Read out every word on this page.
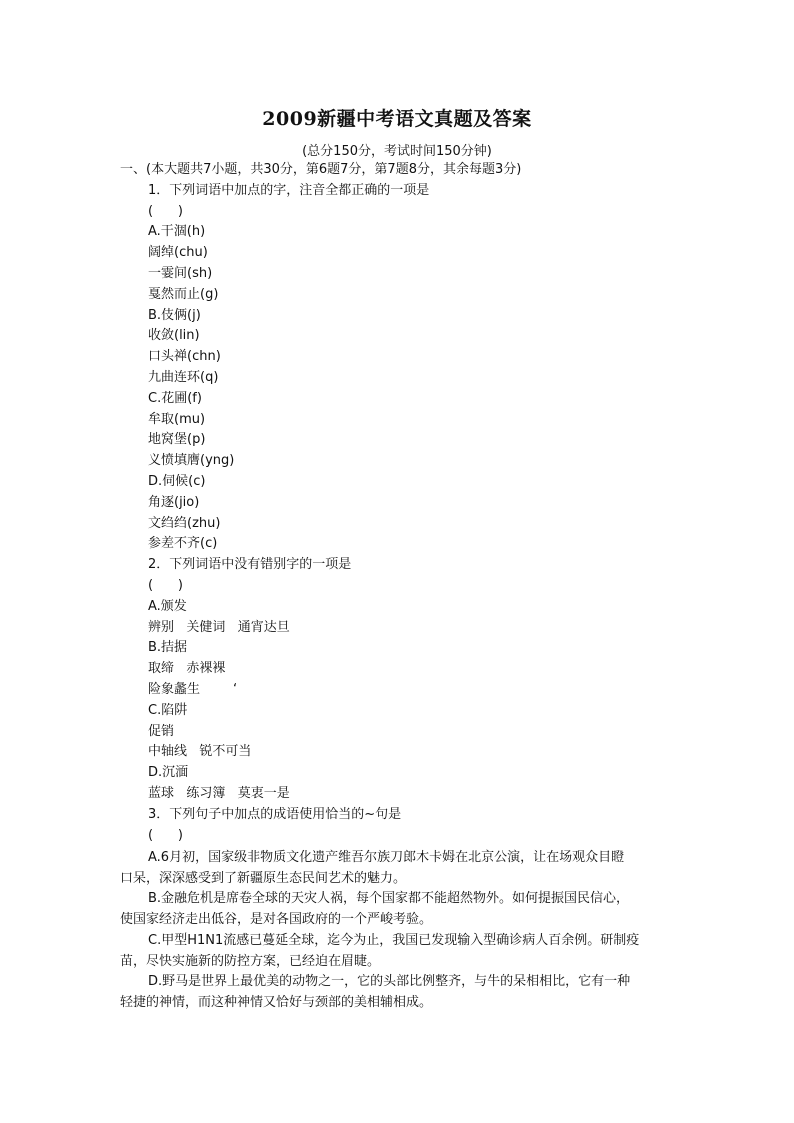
2009新疆中考语文真题及答案
(总分150分，考试时间150分钟)
一、(本大题共7小题，共30分，第6题7分，第7题8分，其余每题3分)
1．下列词语中加点的字，注音全都正确的一项是
(      )
A.干涸(h)
阔绰(chu)
一霎间(sh)
戛然而止(g)
B.伎俩(j)
收敛(lin)
口头禅(chn)
九曲连环(q)
C.花圃(f)
牟取(mu)
地窝堡(p)
义愤填膺(yng)
D.伺候(c)
角逐(jio)
文绉绉(zhu)
参差不齐(c)
2．下列词语中没有错别字的一项是
(      )
A.颁发
辨别   关健词   通宵达旦
B.拮据
取缔   赤裸裸
险象蠡生        ‘
C.陷阱
促销
中轴线   锐不可当
D.沉湎
蓝球   练习簿   莫衷一是
3．下列句子中加点的成语使用恰当的~句是
(      )
A.6月初，国家级非物质文化遗产维吾尔族刀郎木卡姆在北京公演，让在场观众目瞪
口呆，深深感受到了新疆原生态民间艺术的魅力。
B.金融危机是席卷全球的天灾人祸，每个国家都不能超然物外。如何提振国民信心，
使国家经济走出低谷，是对各国政府的一个严峻考验。
C.甲型H1N1流感已蔓延全球，迄今为止，我国已发现输入型确诊病人百余例。研制疫
苗，尽快实施新的防控方案，已经迫在眉睫。
D.野马是世界上最优美的动物之一，它的头部比例整齐，与牛的呆相相比，它有一种
轻捷的神情，而这种神情又恰好与颈部的美相辅相成。
